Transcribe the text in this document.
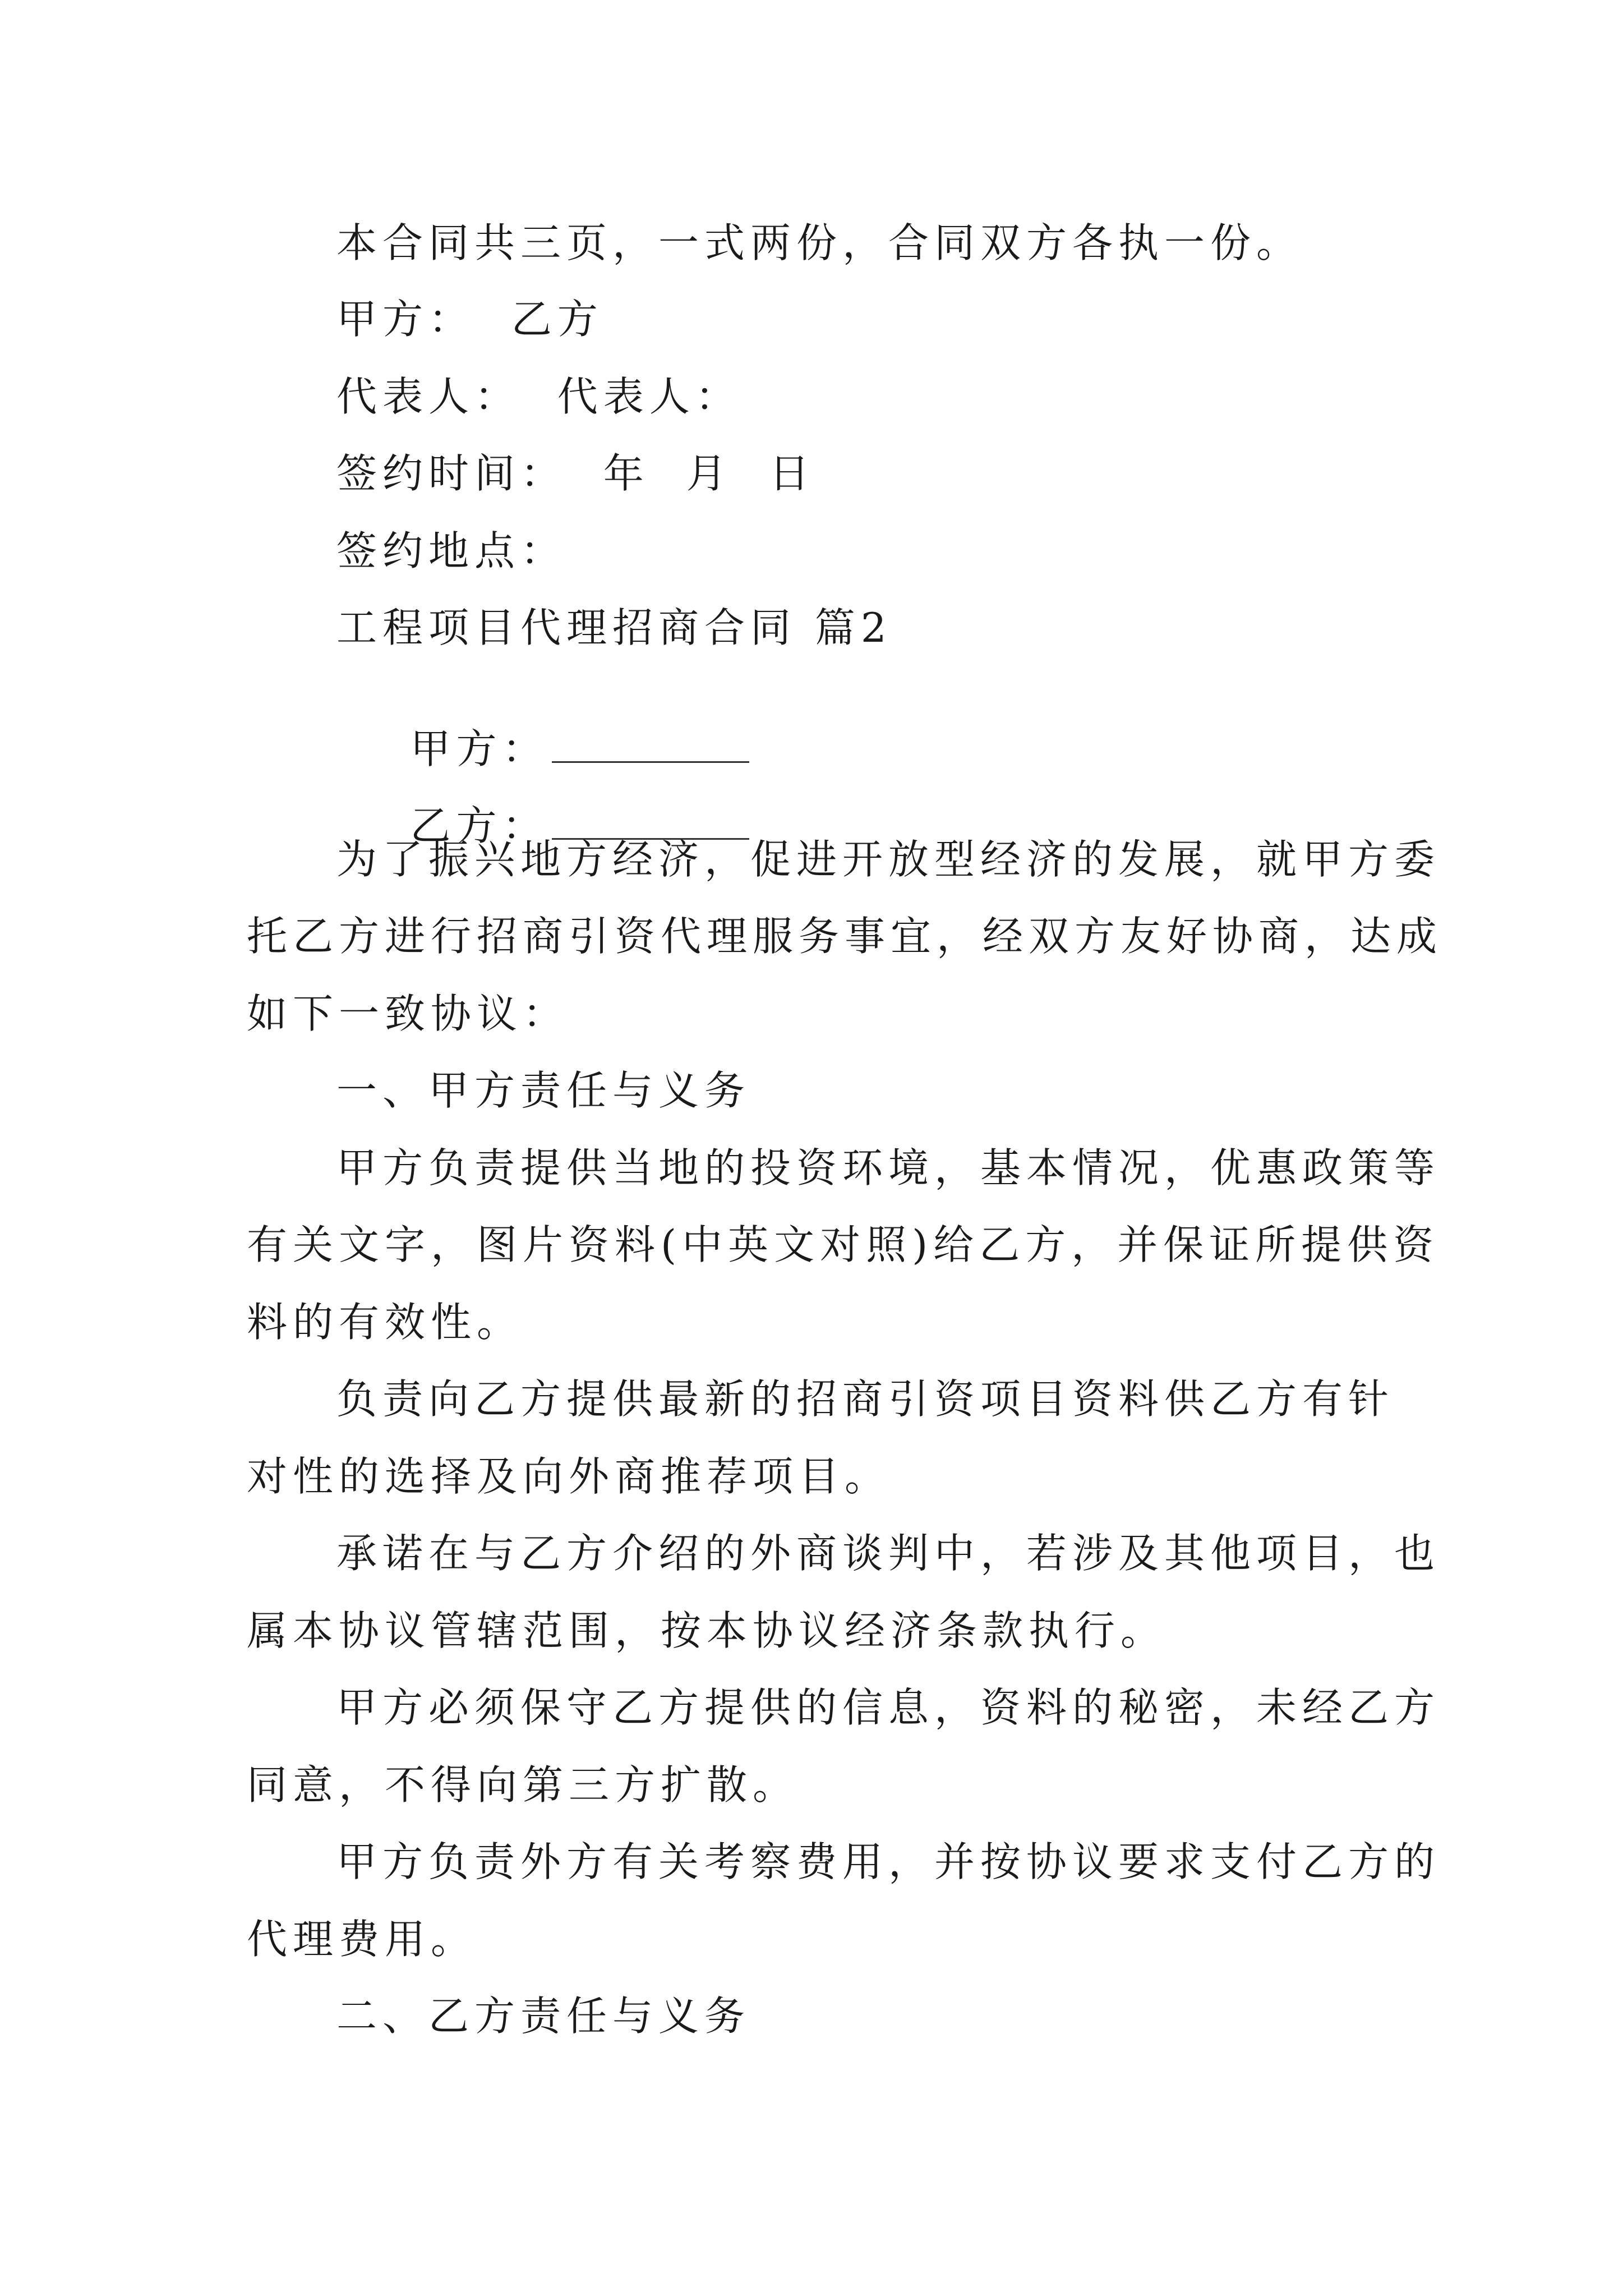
本合同共三页，一式两份，合同双方各执一份。
甲方：  乙方
代表人：  代表人：
签约时间：  年  月  日
签约地点：
工程项目代理招商合同 篇2

甲方：

乙方：

为了振兴地方经济，促进开放型经济的发展，就甲方委
托乙方进行招商引资代理服务事宜，经双方友好协商，达成
如下一致协议：
一、甲方责任与义务
甲方负责提供当地的投资环境，基本情况，优惠政策等
有关文字，图片资料(中英文对照)给乙方，并保证所提供资
料的有效性。
负责向乙方提供最新的招商引资项目资料供乙方有针
对性的选择及向外商推荐项目。
承诺在与乙方介绍的外商谈判中，若涉及其他项目，也
属本协议管辖范围，按本协议经济条款执行。
甲方必须保守乙方提供的信息，资料的秘密，未经乙方
同意，不得向第三方扩散。
甲方负责外方有关考察费用，并按协议要求支付乙方的
代理费用。
二、乙方责任与义务
